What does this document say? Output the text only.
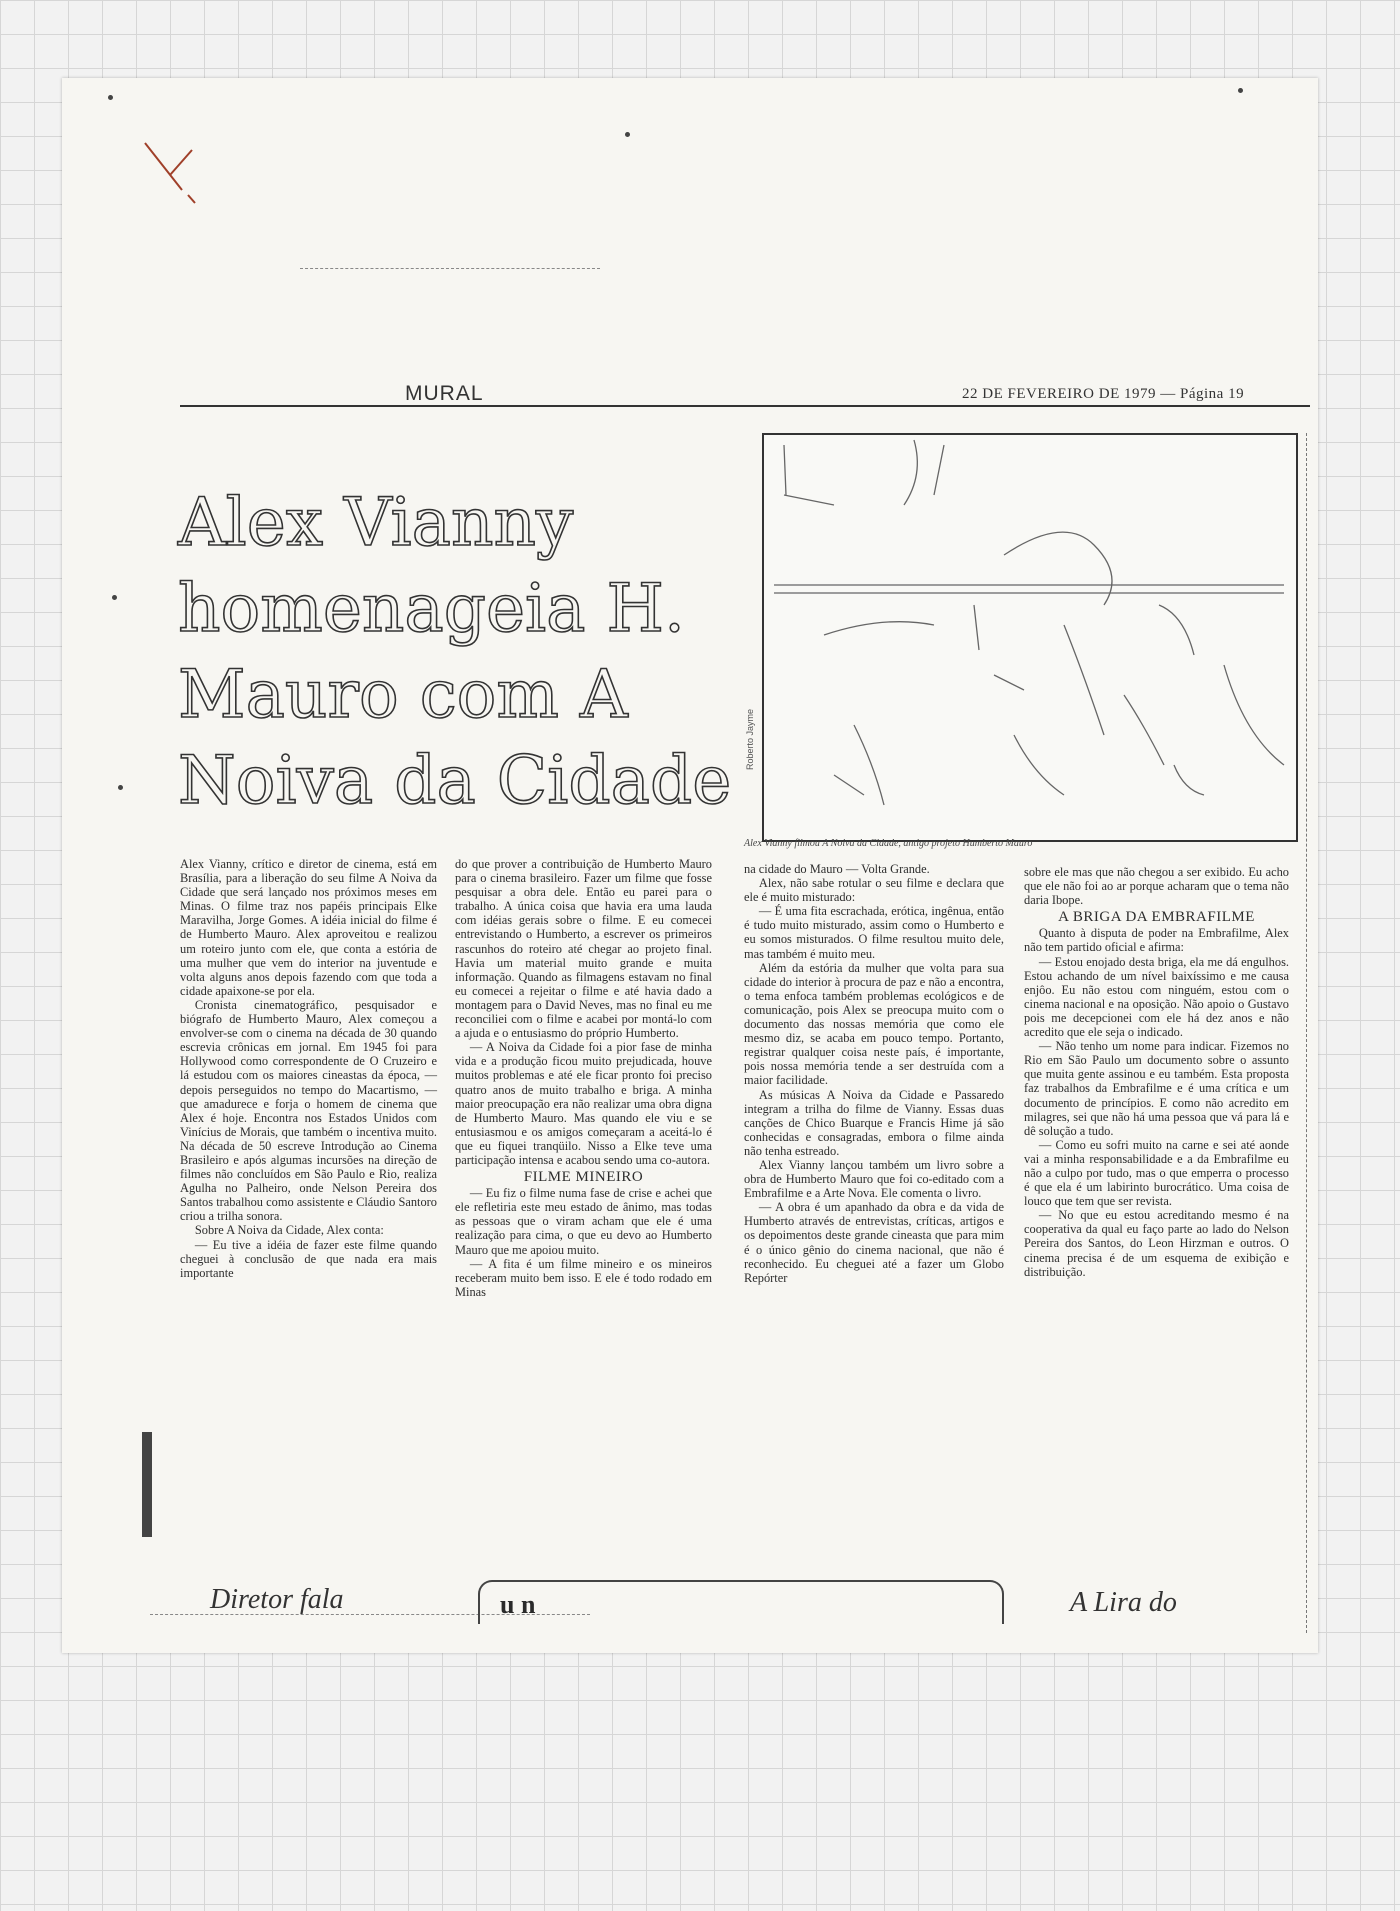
MURAL	22 DE FEVEREIRO DE 1979 — Página 19
Alex Vianny homenageia H. Mauro com A Noiva da Cidade
Roberto Jayme
Alex Vianny filmou A Noiva da Cidade, antigo projeto Humberto Mauro

Alex Vianny, crítico e diretor de cinema, está em Brasília, para a liberação do seu filme A Noiva da Cidade que será lançado nos próximos meses em Minas. O filme traz nos papéis principais Elke Maravilha, Jorge Gomes. A idéia inicial do filme é de Humberto Mauro. Alex aproveitou e realizou um roteiro junto com ele, que conta a estória de uma mulher que vem do interior na juventude e volta alguns anos depois fazendo com que toda a cidade apaixone-se por ela.

Cronista cinematográfico, pesquisador e biógrafo de Humberto Mauro, Alex começou a envolver-se com o cinema na década de 30 quando escrevia crônicas em jornal. Em 1945 foi para Hollywood como correspondente de O Cruzeiro e lá estudou com os maiores cineastas da época, — depois perseguidos no tempo do Macartismo, — que amadurece e forja o homem de cinema que Alex é hoje. Encontra nos Estados Unidos com Vinícius de Morais, que também o incentiva muito. Na década de 50 escreve Introdução ao Cinema Brasileiro e após algumas incursões na direção de filmes não concluídos em São Paulo e Rio, realiza Agulha no Palheiro, onde Nelson Pereira dos Santos trabalhou como assistente e Cláudio Santoro criou a trilha sonora.

Sobre A Noiva da Cidade, Alex conta:

— Eu tive a idéia de fazer este filme quando cheguei à conclusão de que nada era mais importante

do que prover a contribuição de Humberto Mauro para o cinema brasileiro. Fazer um filme que fosse pesquisar a obra dele. Então eu parei para o trabalho. A única coisa que havia era uma lauda com idéias gerais sobre o filme. E eu comecei entrevistando o Humberto, a escrever os primeiros rascunhos do roteiro até chegar ao projeto final. Havia um material muito grande e muita informação. Quando as filmagens estavam no final eu comecei a rejeitar o filme e até havia dado a montagem para o David Neves, mas no final eu me reconciliei com o filme e acabei por montá-lo com a ajuda e o entusiasmo do próprio Humberto.

— A Noiva da Cidade foi a pior fase de minha vida e a produção ficou muito prejudicada, houve muitos problemas e até ele ficar pronto foi preciso quatro anos de muito trabalho e briga. A minha maior preocupação era não realizar uma obra digna de Humberto Mauro. Mas quando ele viu e se entusiasmou e os amigos começaram a aceitá-lo é que eu fiquei tranqüilo. Nisso a Elke teve uma participação intensa e acabou sendo uma co-autora.

FILME MINEIRO

— Eu fiz o filme numa fase de crise e achei que ele refletiria este meu estado de ânimo, mas todas as pessoas que o viram acham que ele é uma realização para cima, o que eu devo ao Humberto Mauro que me apoiou muito.

— A fita é um filme mineiro e os mineiros receberam muito bem isso. E ele é todo rodado em Minas

na cidade do Mauro — Volta Grande.

Alex, não sabe rotular o seu filme e declara que ele é muito misturado:

— É uma fita escrachada, erótica, ingênua, então é tudo muito misturado, assim como o Humberto e eu somos misturados. O filme resultou muito dele, mas também é muito meu.

Além da estória da mulher que volta para sua cidade do interior à procura de paz e não a encontra, o tema enfoca também problemas ecológicos e de comunicação, pois Alex se preocupa muito com o documento das nossas memória que como ele mesmo diz, se acaba em pouco tempo. Portanto, registrar qualquer coisa neste país, é importante, pois nossa memória tende a ser destruída com a maior facilidade.

As músicas A Noiva da Cidade e Passaredo integram a trilha do filme de Vianny. Essas duas canções de Chico Buarque e Francis Hime já são conhecidas e consagradas, embora o filme ainda não tenha estreado.

Alex Vianny lançou também um livro sobre a obra de Humberto Mauro que foi co-editado com a Embrafilme e a Arte Nova. Ele comenta o livro.

— A obra é um apanhado da obra e da vida de Humberto através de entrevistas, críticas, artigos e os depoimentos deste grande cineasta que para mim é o único gênio do cinema nacional, que não é reconhecido. Eu cheguei até a fazer um Globo Repórter

sobre ele mas que não chegou a ser exibido. Eu acho que ele não foi ao ar porque acharam que o tema não daria Ibope.

A BRIGA DA EMBRAFILME

Quanto à disputa de poder na Embrafilme, Alex não tem partido oficial e afirma:

— Estou enojado desta briga, ela me dá engulhos. Estou achando de um nível baixíssimo e me causa enjôo. Eu não estou com ninguém, estou com o cinema nacional e na oposição. Não apoio o Gustavo pois me decepcionei com ele há dez anos e não acredito que ele seja o indicado.

— Não tenho um nome para indicar. Fizemos no Rio em São Paulo um documento sobre o assunto que muita gente assinou e eu também. Esta proposta faz trabalhos da Embrafilme e é uma crítica e um documento de princípios. E como não acredito em milagres, sei que não há uma pessoa que vá para lá e dê solução a tudo.

— Como eu sofri muito na carne e sei até aonde vai a minha responsabilidade e a da Embrafilme eu não a culpo por tudo, mas o que emperra o processo é que ela é um labirinto burocrático. Uma coisa de louco que tem que ser revista.

— No que eu estou acreditando mesmo é na cooperativa da qual eu faço parte ao lado do Nelson Pereira dos Santos, do Leon Hirzman e outros. O cinema precisa é de um esquema de exibição e distribuição.

Diretor fala	u n	A Lira do
